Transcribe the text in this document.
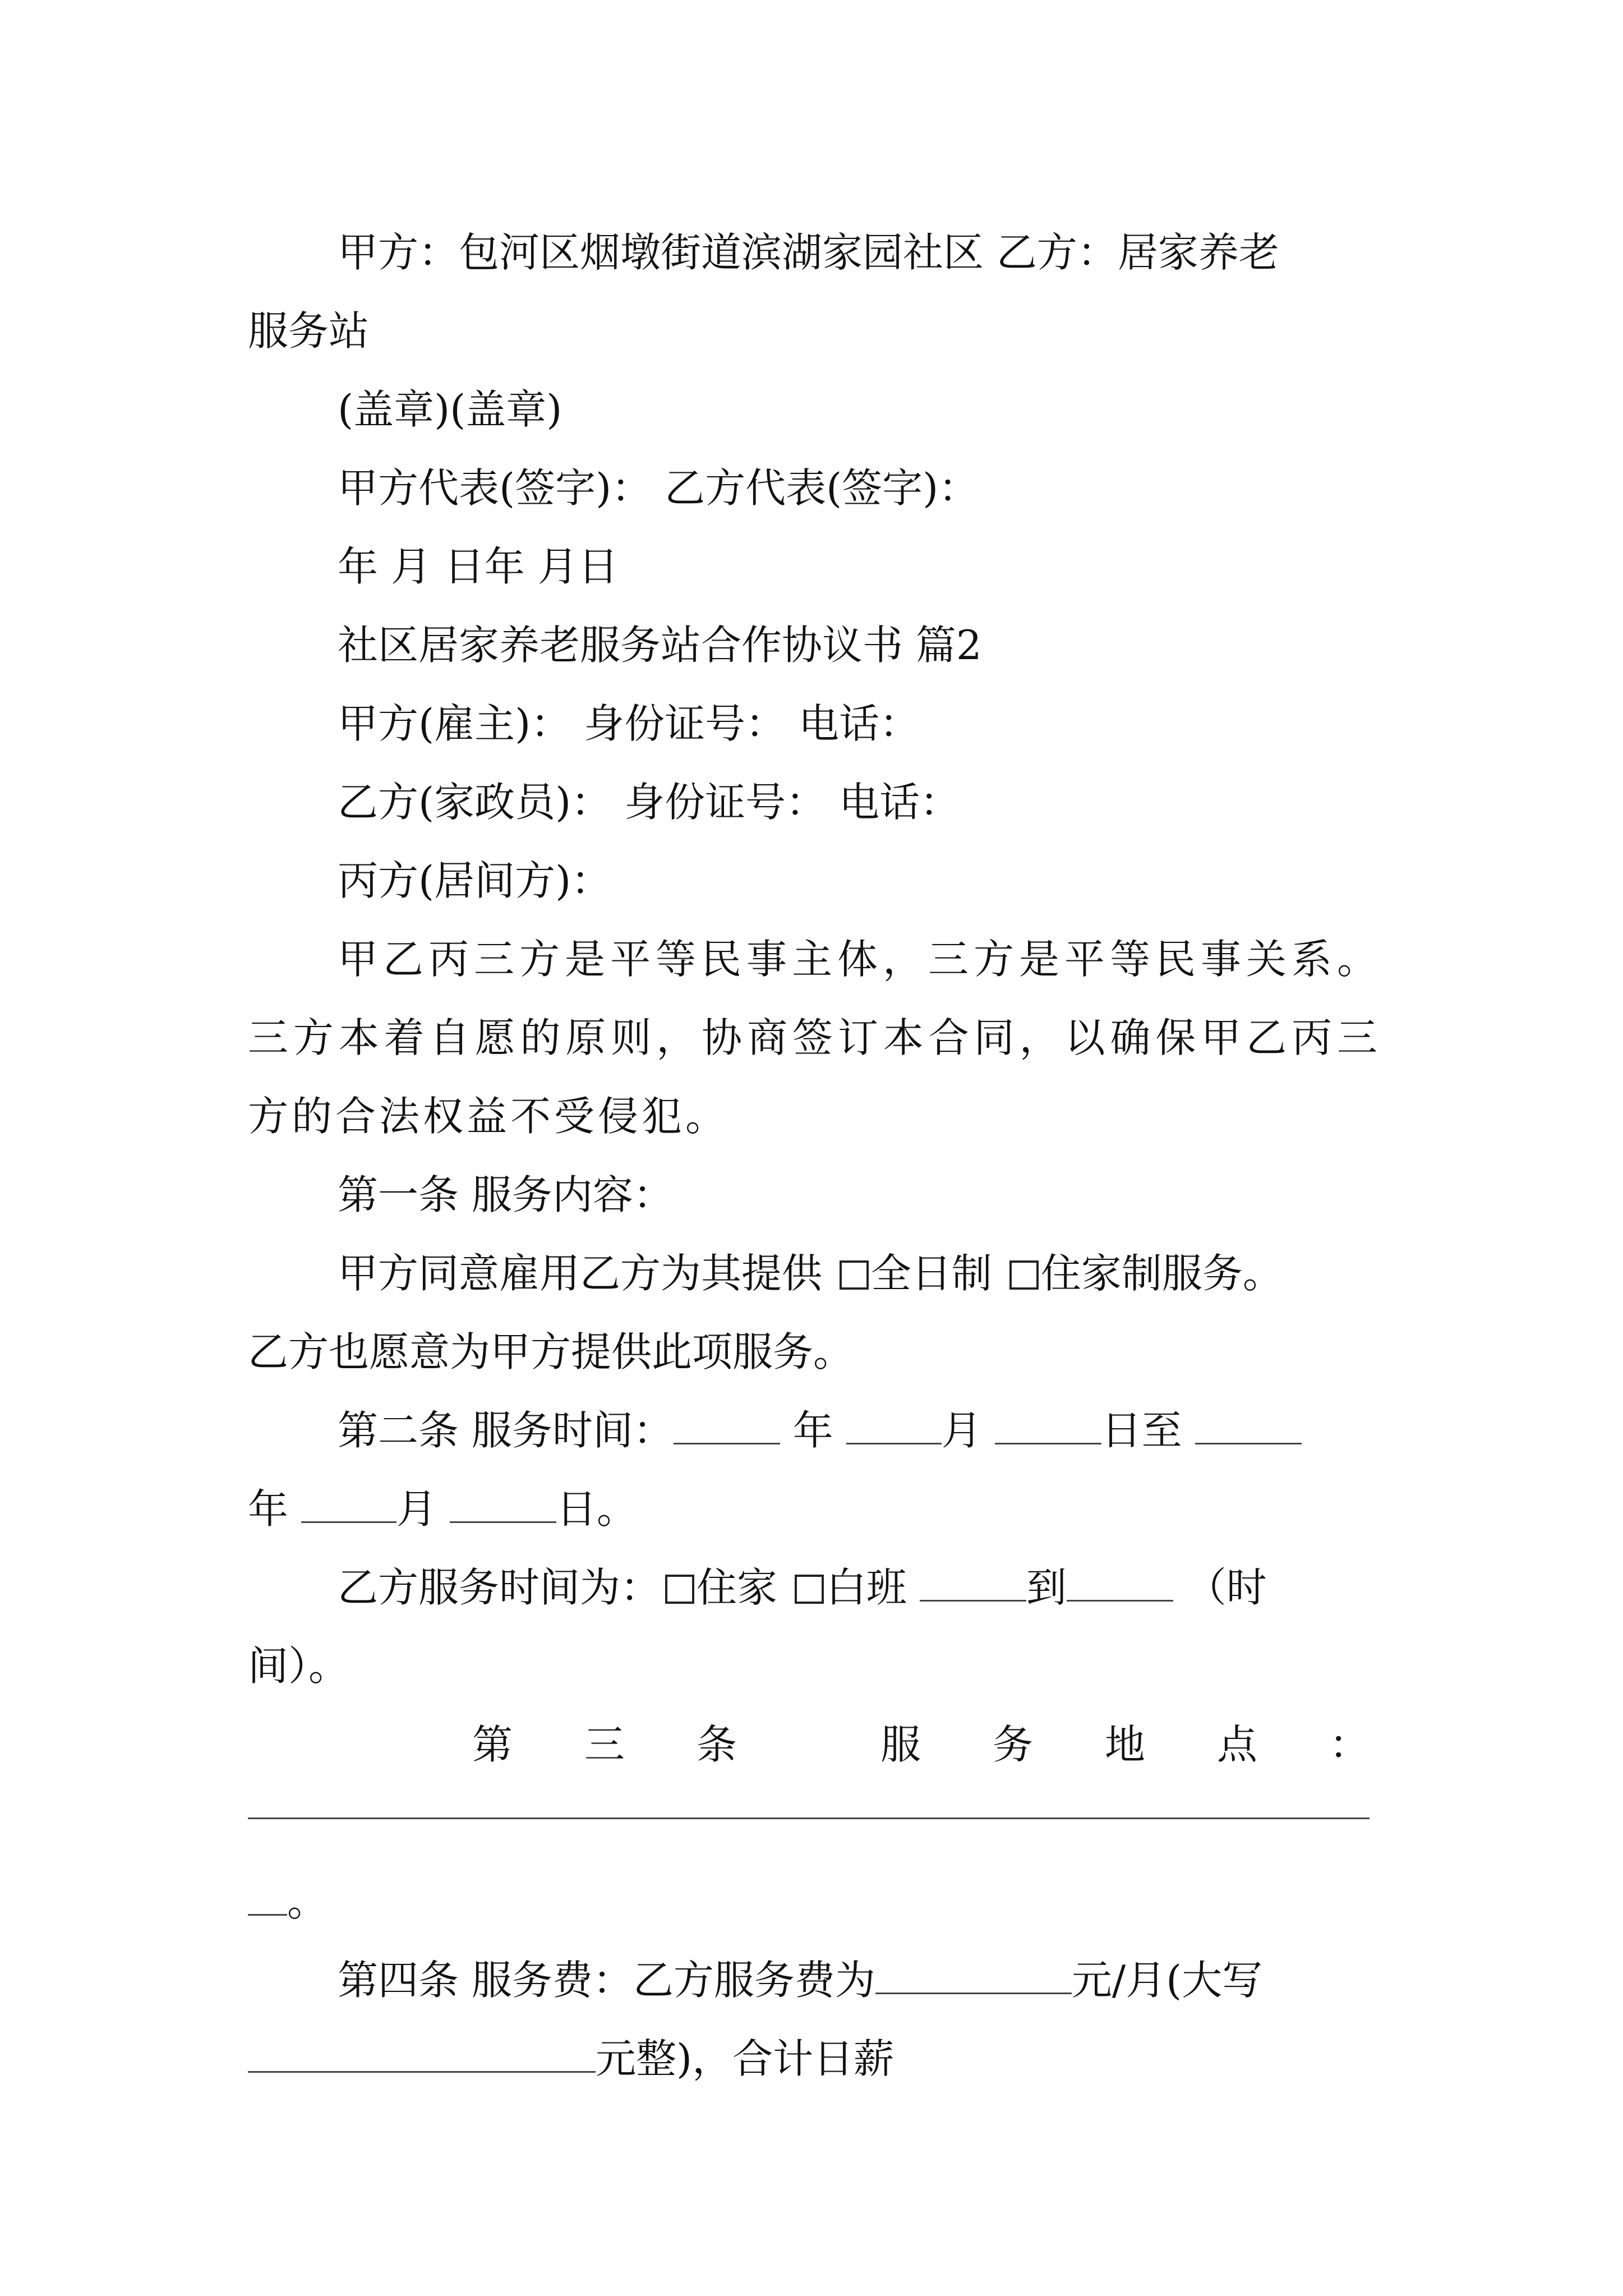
甲方：包河区烟墩街道滨湖家园社区 乙方：居家养老

服务站

(盖章)(盖章)

甲方代表(签字)： 乙方代表(签字)：

年 月 日年 月日

社区居家养老服务站合作协议书 篇2

甲方(雇主)： 身份证号： 电话：

乙方(家政员)： 身份证号： 电话：

丙方(居间方)：

甲乙丙三方是平等民事主体，三方是平等民事关系。三方本着自愿的原则，协商签订本合同，以确保甲乙丙三方的合法权益不受侵犯。

第一条 服务内容：

甲方同意雇用乙方为其提供 全日制 住家制服务。

乙方也愿意为甲方提供此项服务。

第二条 服务时间：	年	月	日至

年	月	日。

乙方服务时间为： 住家 白班	到	（时

间）。

第 三 条	服 务 地 点 ：

。

第四条 服务费：乙方服务费为	元/月(大写

元整)，合计日薪
